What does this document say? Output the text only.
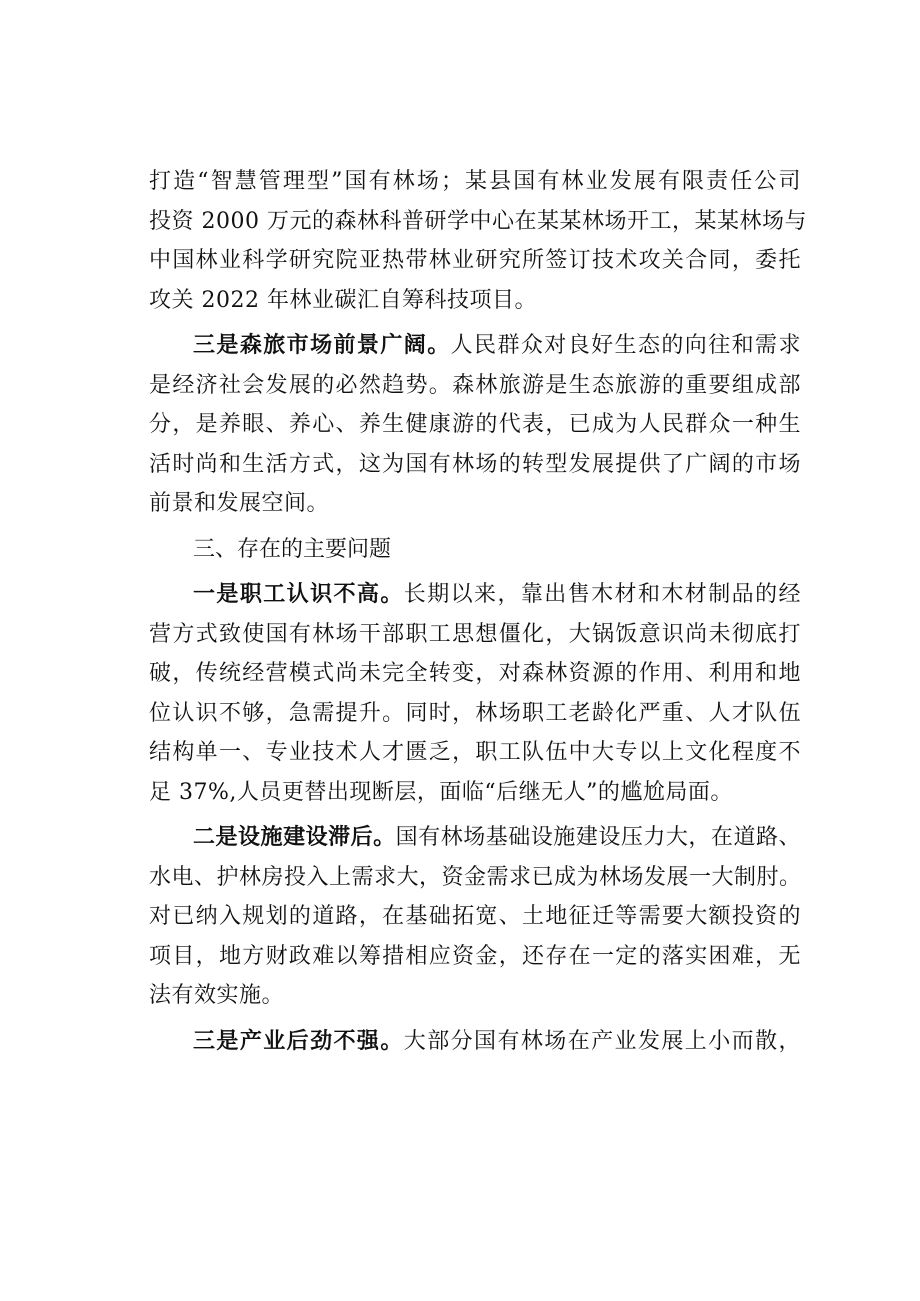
打造“智慧管理型”国有林场；某县国有林业发展有限责任公司
投资 2000 万元的森林科普研学中心在某某林场开工，某某林场与
中国林业科学研究院亚热带林业研究所签订技术攻关合同，委托
攻关 2022 年林业碳汇自筹科技项目。
三是森旅市场前景广阔。人民群众对良好生态的向往和需求
是经济社会发展的必然趋势。森林旅游是生态旅游的重要组成部
分，是养眼、养心、养生健康游的代表，已成为人民群众一种生
活时尚和生活方式，这为国有林场的转型发展提供了广阔的市场
前景和发展空间。
三、存在的主要问题
一是职工认识不高。长期以来，靠出售木材和木材制品的经
营方式致使国有林场干部职工思想僵化，大锅饭意识尚未彻底打
破，传统经营模式尚未完全转变，对森林资源的作用、利用和地
位认识不够，急需提升。同时，林场职工老龄化严重、人才队伍
结构单一、专业技术人才匮乏，职工队伍中大专以上文化程度不
足 37%,人员更替出现断层，面临“后继无人”的尴尬局面。
二是设施建设滞后。国有林场基础设施建设压力大，在道路、
水电、护林房投入上需求大，资金需求已成为林场发展一大制肘。
对已纳入规划的道路，在基础拓宽、土地征迁等需要大额投资的
项目，地方财政难以筹措相应资金，还存在一定的落实困难，无
法有效实施。
三是产业后劲不强。大部分国有林场在产业发展上小而散，
